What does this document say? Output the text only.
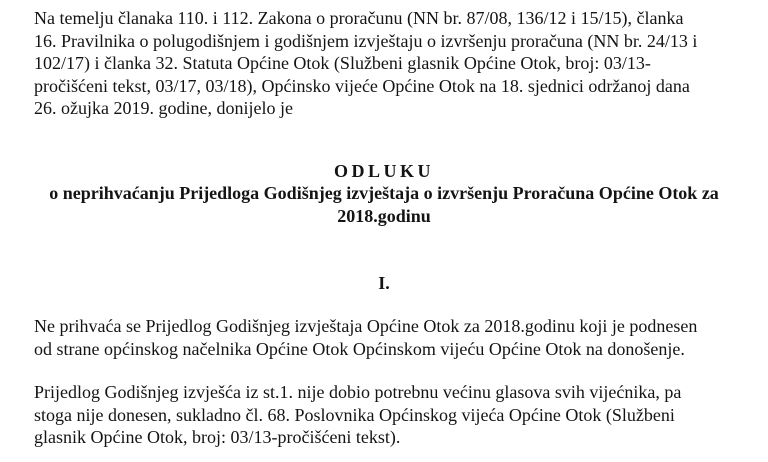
Na temelju članaka 110. i 112. Zakona o proračunu (NN br. 87/08, 136/12 i 15/15), članka
16. Pravilnika o polugodišnjem i godišnjem izvještaju o izvršenju proračuna (NN br. 24/13 i
102/17) i članka 32. Statuta Općine Otok (Službeni glasnik Općine Otok, broj: 03/13-
pročišćeni tekst, 03/17, 03/18), Općinsko vijeće Općine Otok na 18. sjednici održanoj dana
26. ožujka 2019. godine, donijelo je

ODLUKU
o neprihvaćanju Prijedloga Godišnjeg izvještaja o izvršenju Proračuna Općine Otok za
2018.godinu
I.

Ne prihvaća se Prijedlog Godišnjeg izvještaja Općine Otok za 2018.godinu koji je podnesen
od strane općinskog načelnika Općine Otok Općinskom vijeću Općine Otok na donošenje.

Prijedlog Godišnjeg izvješća iz st.1. nije dobio potrebnu većinu glasova svih vijećnika, pa
stoga nije donesen, sukladno čl. 68. Poslovnika Općinskog vijeća Općine Otok (Službeni
glasnik Općine Otok, broj: 03/13-pročišćeni tekst).
